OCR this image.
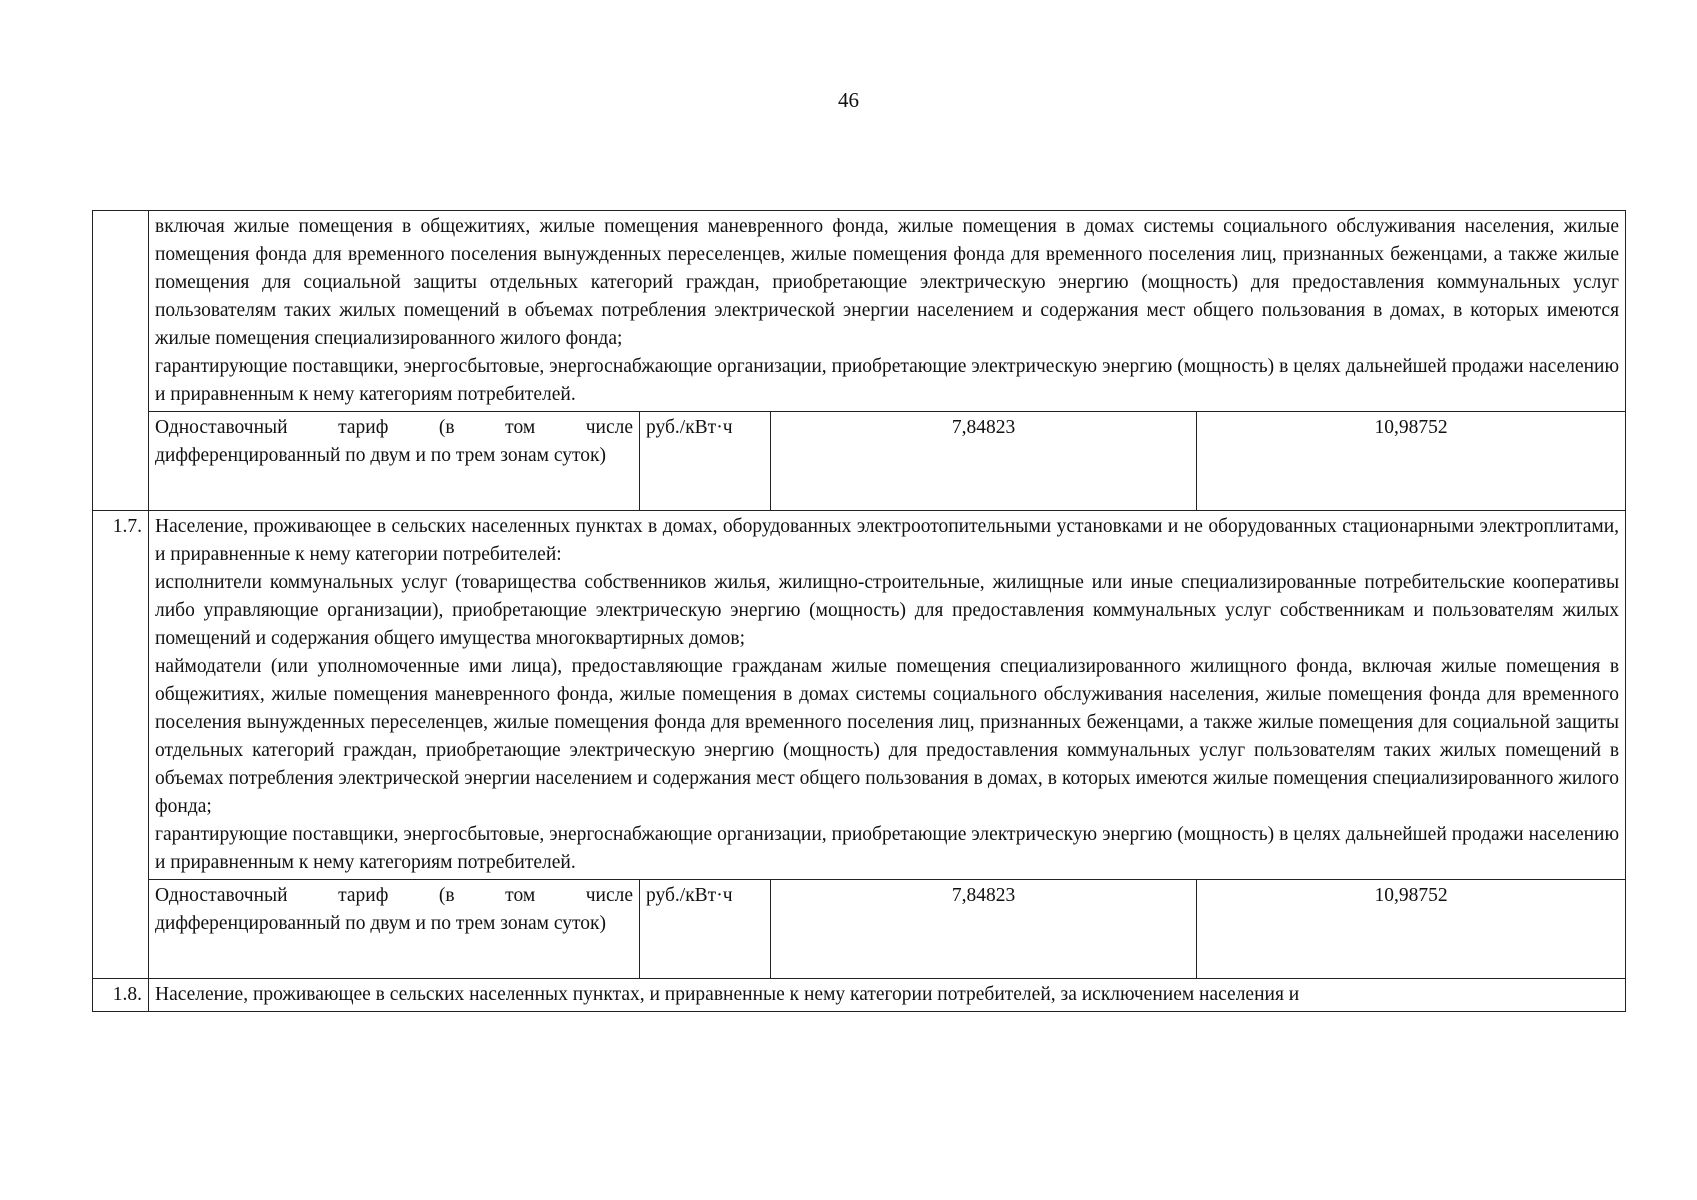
46

	включая жилые помещения в общежитиях, жилые помещения маневренного фонда, жилые помещения в домах системы социального обслуживания населения, жилые помещения фонда для временного поселения вынужденных переселенцев, жилые помещения фонда для временного поселения лиц, признанных беженцами, а также жилые помещения для социальной защиты отдельных категорий граждан, приобретающие электрическую энергию (мощность) для предоставления коммунальных услуг пользователям таких жилых помещений в объемах потребления электрической энергии населением и содержания мест общего пользования в домах, в которых имеются жилые помещения специализированного жилого фонда;

гарантирующие поставщики, энергосбытовые, энергоснабжающие организации, приобретающие электрическую энергию (мощность) в целях дальнейшей продажи населению и приравненным к нему категориям потребителей.			

	Одноставочный тариф (в том числе дифференцированный по двум и по трем зонам суток)	руб./кВт·ч	7,84823	10,98752
1.7.	Население, проживающее в сельских населенных пунктах в домах, оборудованных электроотопительными установками и не оборудованных стационарными электроплитами, и приравненные к нему категории потребителей:

исполнители коммунальных услуг (товарищества собственников жилья, жилищно-строительные, жилищные или иные специализированные потребительские кооперативы либо управляющие организации), приобретающие электрическую энергию (мощность) для предоставления коммунальных услуг собственникам и пользователям жилых помещений и содержания общего имущества многоквартирных домов;

наймодатели (или уполномоченные ими лица), предоставляющие гражданам жилые помещения специализированного жилищного фонда, включая жилые помещения в общежитиях, жилые помещения маневренного фонда, жилые помещения в домах системы социального обслуживания населения, жилые помещения фонда для временного поселения вынужденных переселенцев, жилые помещения фонда для временного поселения лиц, признанных беженцами, а также жилые помещения для социальной защиты отдельных категорий граждан, приобретающие электрическую энергию (мощность) для предоставления коммунальных услуг пользователям таких жилых помещений в объемах потребления электрической энергии населением и содержания мест общего пользования в домах, в которых имеются жилые помещения специализированного жилого фонда;

гарантирующие поставщики, энергосбытовые, энергоснабжающие организации, приобретающие электрическую энергию (мощность) в целях дальнейшей продажи населению и приравненным к нему категориям потребителей.			

	Одноставочный тариф (в том числе дифференцированный по двум и по трем зонам суток)	руб./кВт·ч	7,84823	10,98752
1.8.	Население, проживающее в сельских населенных пунктах, и приравненные к нему категории потребителей, за исключением населения и			
